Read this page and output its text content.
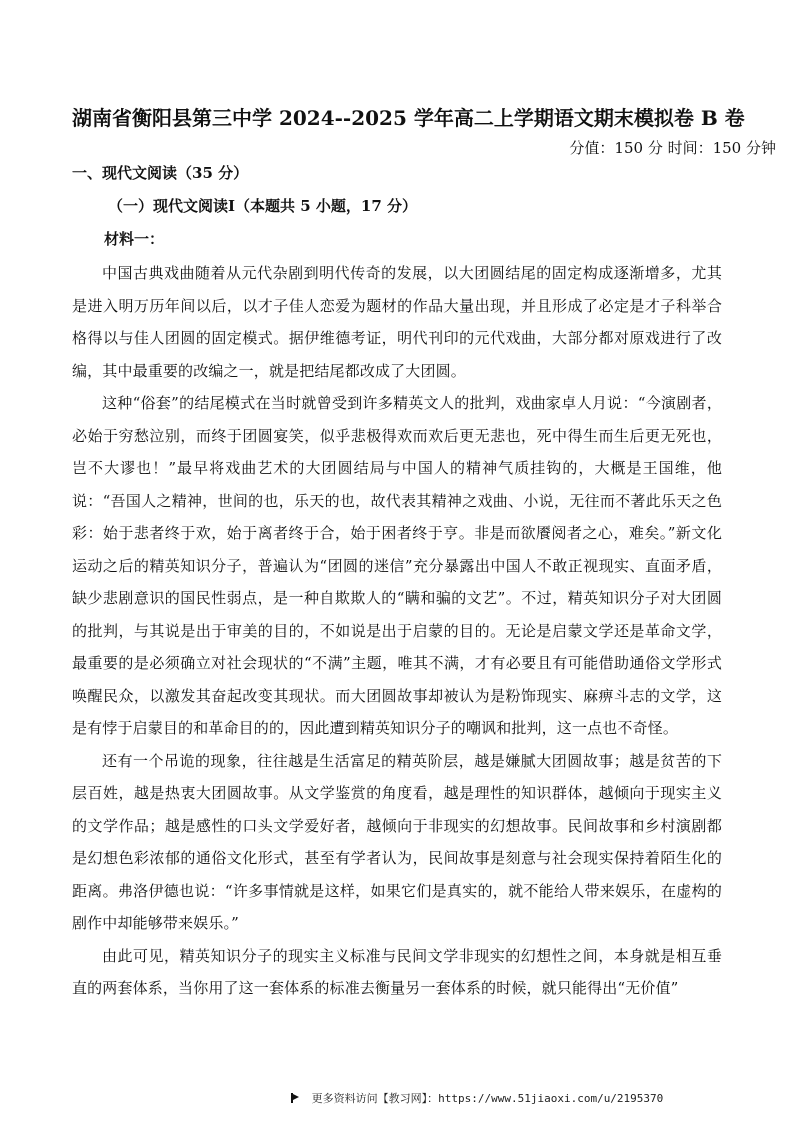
湖南省衡阳县第三中学 2024--2025 学年高二上学期语文期末模拟卷 B 卷
分值：150 分 时间：150 分钟
一、现代文阅读（35 分）
（一）现代文阅读Ⅰ（本题共 5 小题，17 分）
材料一：

中国古典戏曲随着从元代杂剧到明代传奇的发展，以大团圆结尾的固定构成逐渐增多，尤其是进入明万历年间以后，以才子佳人恋爱为题材的作品大量出现，并且形成了必定是才子科举合格得以与佳人团圆的固定模式。据伊维德考证，明代刊印的元代戏曲，大部分都对原戏进行了改编，其中最重要的改编之一，就是把结尾都改成了大团圆。

这种“俗套”的结尾模式在当时就曾受到许多精英文人的批判，戏曲家卓人月说：“今演剧者，必始于穷愁泣别，而终于团圆宴笑，似乎悲极得欢而欢后更无悲也，死中得生而生后更无死也，岂不大谬也！”最早将戏曲艺术的大团圆结局与中国人的精神气质挂钩的，大概是王国维，他说：“吾国人之精神，世间的也，乐天的也，故代表其精神之戏曲、小说，无往而不著此乐天之色彩：始于悲者终于欢，始于离者终于合，始于困者终于亨。非是而欲餍阅者之心，难矣。”新文化运动之后的精英知识分子，普遍认为“团圆的迷信”充分暴露出中国人不敢正视现实、直面矛盾，缺少悲剧意识的国民性弱点，是一种自欺欺人的“瞒和骗的文艺”。不过，精英知识分子对大团圆的批判，与其说是出于审美的目的，不如说是出于启蒙的目的。无论是启蒙文学还是革命文学，最重要的是必须确立对社会现状的“不满”主题，唯其不满，才有必要且有可能借助通俗文学形式唤醒民众，以激发其奋起改变其现状。而大团圆故事却被认为是粉饰现实、麻痹斗志的文学，这是有悖于启蒙目的和革命目的的，因此遭到精英知识分子的嘲讽和批判，这一点也不奇怪。

还有一个吊诡的现象，往往越是生活富足的精英阶层，越是嫌腻大团圆故事；越是贫苦的下层百姓，越是热衷大团圆故事。从文学鉴赏的角度看，越是理性的知识群体，越倾向于现实主义的文学作品；越是感性的口头文学爱好者，越倾向于非现实的幻想故事。民间故事和乡村演剧都是幻想色彩浓郁的通俗文化形式，甚至有学者认为，民间故事是刻意与社会现实保持着陌生化的距离。弗洛伊德也说：“许多事情就是这样，如果它们是真实的，就不能给人带来娱乐，在虚构的剧作中却能够带来娱乐。”

由此可见，精英知识分子的现实主义标准与民间文学非现实的幻想性之间，本身就是相互垂直的两套体系，当你用了这一套体系的标准去衡量另一套体系的时候，就只能得出“无价值”

更多资料访问【教习网】：https://www.51jiaoxi.com/u/2195370
